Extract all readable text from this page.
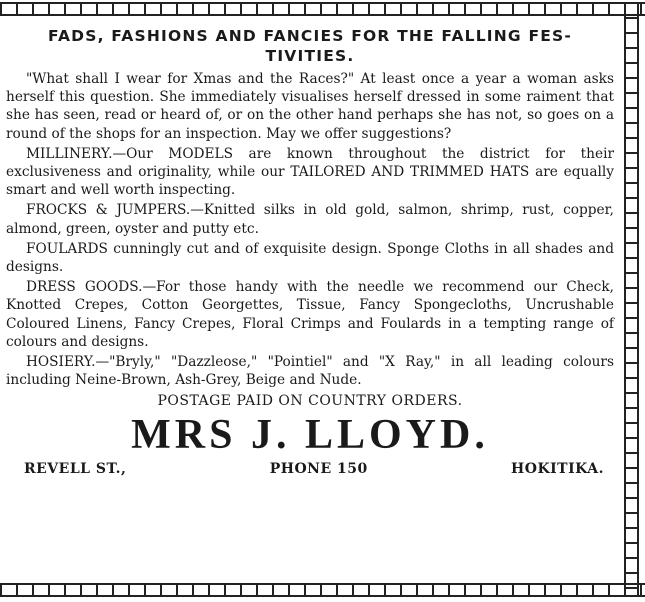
FADS, FASHIONS AND FANCIES FOR THE FALLING FES- TIVITIES.

"What shall I wear for Xmas and the Races?" At least once a year a woman asks herself this question. She immediately visualises herself dressed in some raiment that she has seen, read or heard of, or on the other hand perhaps she has not, so goes on a round of the shops for an inspection. May we offer suggestions?

MILLINERY.—Our MODELS are known throughout the district for their exclusiveness and originality, while our TAILORED AND TRIMMED HATS are equally smart and well worth inspecting.

FROCKS & JUMPERS.—Knitted silks in old gold, salmon, shrimp, rust, copper, almond, green, oyster and putty etc.

FOULARDS cunningly cut and of exquisite design. Sponge Cloths in all shades and designs.

DRESS GOODS.—For those handy with the needle we recommend our Check, Knotted Crepes, Cotton Georgettes, Tissue, Fancy Spongecloths, Uncrushable Coloured Linens, Fancy Crepes, Floral Crimps and Foulards in a tempting range of colours and designs.

HOSIERY.—"Bryly," "Dazzleose," "Pointiel" and "X Ray," in all leading colours including Neine-Brown, Ash-Grey, Beige and Nude.

POSTAGE PAID ON COUNTRY ORDERS.
MRS J. LLOYD.
REVELL ST.,	PHONE 150	HOKITIKA.
